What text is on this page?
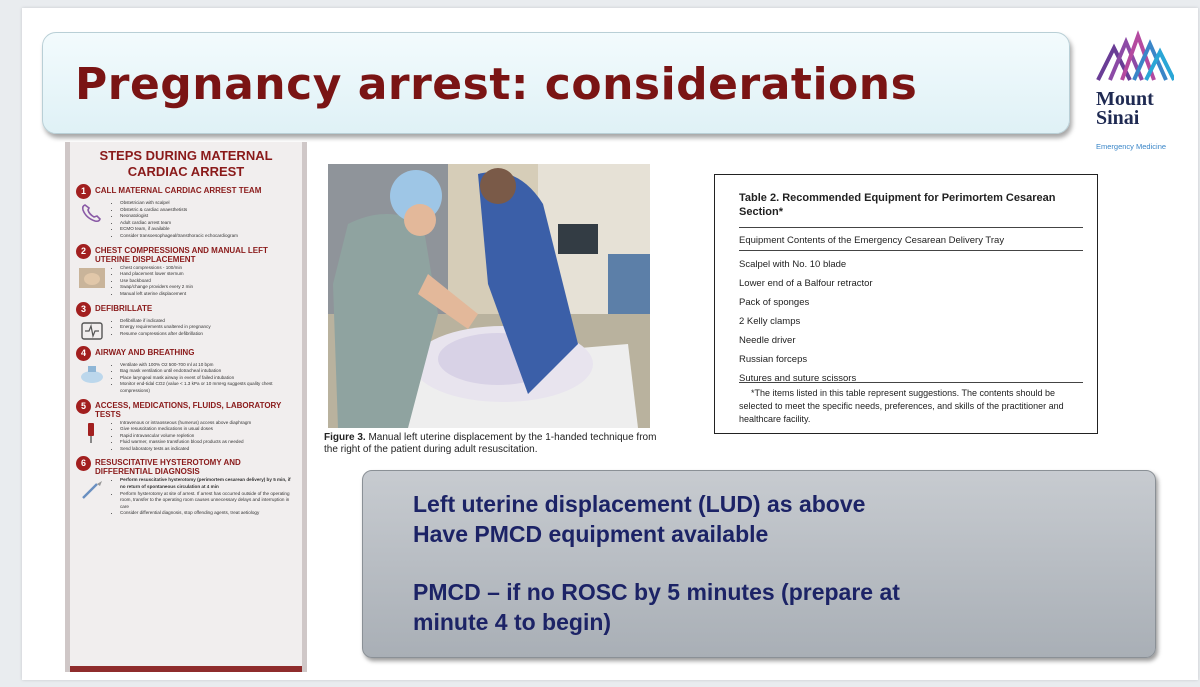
Pregnancy arrest: considerations	Mount
Sinai
Emergency Medicine
STEPS DURING MATERNAL
CARDIAC ARREST
1	CALL MATERNAL CARDIAC ARREST TEAM
• Obstetrician with scalpel
• Obstetric & cardiac anaesthetists
• Neonatologist
• Adult cardiac arrest team
• ECMO team, if available
• Consider transoesophageal/transthoracic echocardiogram
2	CHEST COMPRESSIONS AND MANUAL LEFT UTERINE DISPLACEMENT
• Chest compressions - 100/min
• Hand placement lower sternum
• Use backboard
• Swap/change providers every 2 min
• Manual left uterine displacement
3	DEFIBRILLATE
• Defibrillate if indicated
• Energy requirements unaltered in pregnancy
• Resume compressions after defibrillation
4	AIRWAY AND BREATHING
• Ventilate with 100% O2 500-700 ml at 10 bpm
• Bag mask ventilation until endotracheal intubation
• Place laryngeal mask airway in event of failed intubation
• Monitor end-tidal CO2 (value < 1.3 kPa or 10 mmHg suggests quality chest compressions)
5	ACCESS, MEDICATIONS, FLUIDS, LABORATORY TESTS
• Intravenous or intraosseous (humerus) access above diaphragm
• Give resuscitation medications in usual doses
• Rapid intravascular volume repletion
• Fluid warmer, massive transfusion blood products as needed
• Send laboratory tests as indicated
6	RESUSCITATIVE HYSTEROTOMY AND DIFFERENTIAL DIAGNOSIS
• Perform resuscitative hysterotomy (perimortem cesarean delivery) by 5 min, if no return of spontaneous circulation at 4 min
• Perform hysterotomy at site of arrest. If arrest has occurred outside of the operating room, transfer to the operating room causes unnecessary delays and interruption in care
• Consider differential diagnosis, stop offending agents, treat aetiology
Figure 3. Manual left uterine displacement by the 1-handed technique from the right of the patient during adult resuscitation.
Table 2. Recommended Equipment for Perimortem Cesarean Section*
Equipment Contents of the Emergency Cesarean Delivery Tray
Scalpel with No. 10 blade
Lower end of a Balfour retractor
Pack of sponges
2 Kelly clamps
Needle driver
Russian forceps
Sutures and suture scissors
*The items listed in this table represent suggestions. The contents should be selected to meet the specific needs, preferences, and skills of the practitioner and healthcare facility.
Left uterine displacement (LUD) as above
Have PMCD equipment available
PMCD – if no ROSC by 5 minutes (prepare at
minute 4 to begin)
